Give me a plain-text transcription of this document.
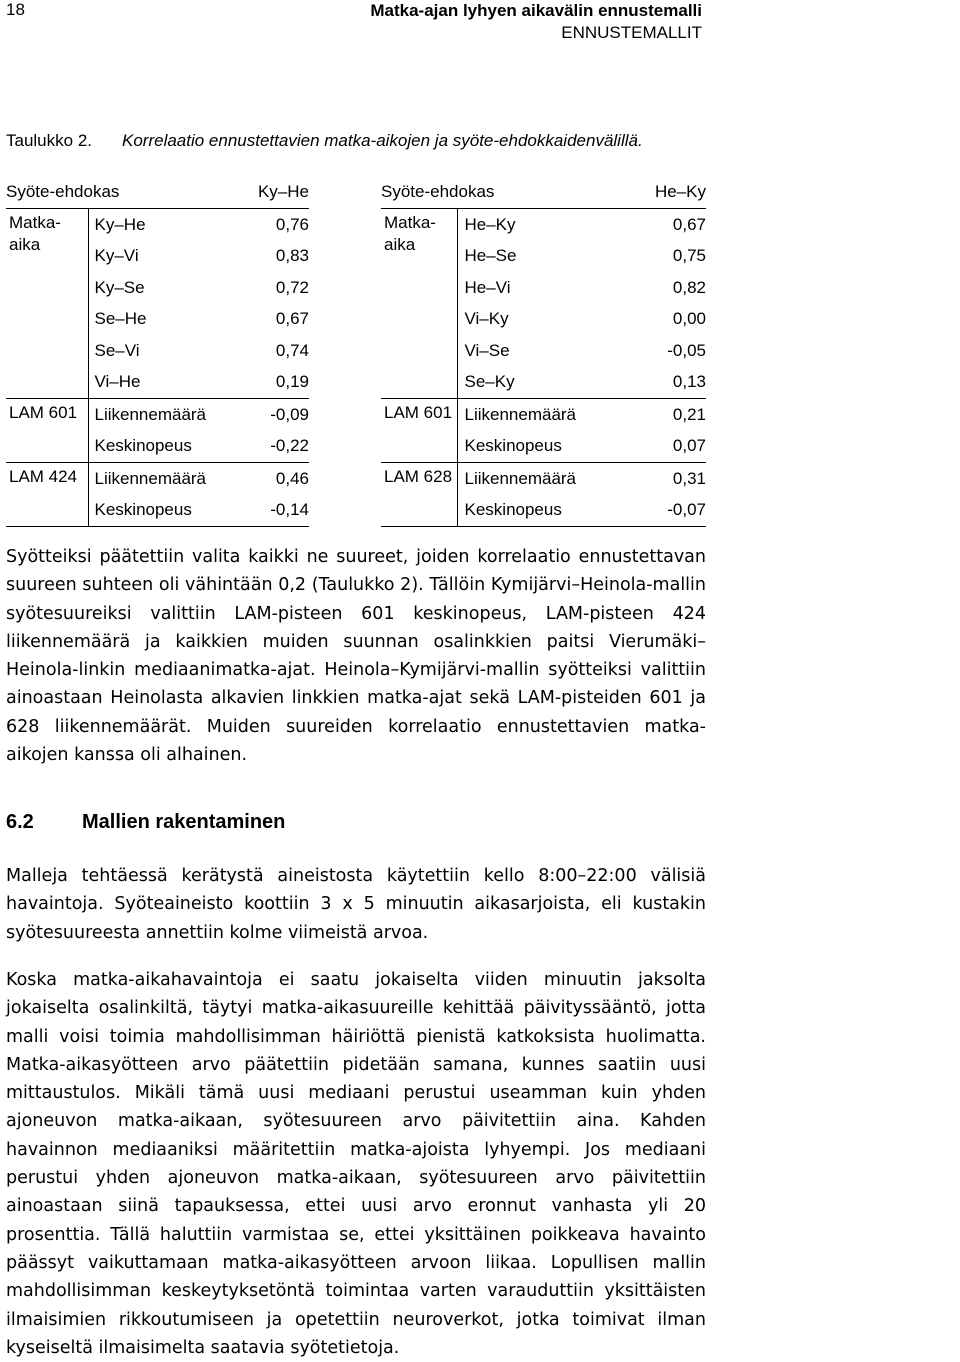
18	Matka-ajan lyhyen aikavälin ennustemalli
ENNUSTEMALLIT
Taulukko 2. Korrelaatio ennustettavien matka-aikojen ja syöte-ehdokkaidenvälillä.
Syöte-ehdokas		Ky–He
Matka-aika	Ky–He	0,76
	Ky–Vi	0,83
	Ky–Se	0,72
	Se–He	0,67
	Se–Vi	0,74
	Vi–He	0,19
LAM 601	Liikennemäärä	-0,09
	Keskinopeus	-0,22
LAM 424	Liikennemäärä	0,46
	Keskinopeus	-0,14
Syöte-ehdokas		He–Ky
Matka-aika	He–Ky	0,67
	He–Se	0,75
	He–Vi	0,82
	Vi–Ky	0,00
	Vi–Se	-0,05
	Se–Ky	0,13
LAM 601	Liikennemäärä	0,21
	Keskinopeus	0,07
LAM 628	Liikennemäärä	0,31
	Keskinopeus	-0,07

Syötteiksi päätettiin valita kaikki ne suureet, joiden korrelaatio ennustettavan suureen suhteen oli vähintään 0,2 (Taulukko 2). Tällöin Kymijärvi–Heinola-mallin syötesuureiksi valittiin LAM-pisteen 601 keskinopeus, LAM-pisteen 424 liikennemäärä ja kaikkien muiden suunnan osalinkkien paitsi Vierumäki–Heinola-linkin mediaanimatka-ajat. Heinola–Kymijärvi-mallin syötteiksi valittiin ainoastaan Heinolasta alkavien linkkien matka-ajat sekä LAM-pisteiden 601 ja 628 liikennemäärät. Muiden suureiden korrelaatio ennustettavien matka-aikojen kanssa oli alhainen.

6.2 Mallien rakentaminen

Malleja tehtäessä kerätystä aineistosta käytettiin kello 8:00–22:00 välisiä havaintoja. Syöteaineisto koottiin 3 x 5 minuutin aikasarjoista, eli kustakin syötesuureesta annettiin kolme viimeistä arvoa.

Koska matka-aikahavaintoja ei saatu jokaiselta viiden minuutin jaksolta jokaiselta osalinkiltä, täytyi matka-aikasuureille kehittää päivityssääntö, jotta malli voisi toimia mahdollisimman häiriöttä pienistä katkoksista huolimatta. Matka-aikasyötteen arvo päätettiin pidetään samana, kunnes saatiin uusi mittaustulos. Mikäli tämä uusi mediaani perustui useamman kuin yhden ajoneuvon matka-aikaan, syötesuureen arvo päivitettiin aina. Kahden havainnon mediaaniksi määritettiin matka-ajoista lyhyempi. Jos mediaani perustui yhden ajoneuvon matka-aikaan, syötesuureen arvo päivitettiin ainoastaan siinä tapauksessa, ettei uusi arvo eronnut vanhasta yli 20 prosenttia. Tällä haluttiin varmistaa se, ettei yksittäinen poikkeava havainto päässyt vaikuttamaan matka-aikasyötteen arvoon liikaa. Lopullisen mallin mahdollisimman keskeytyksetöntä toimintaa varten varauduttiin yksittäisten ilmaisimien rikkoutumiseen ja opetettiin neuroverkot, jotka toimivat ilman kyseiseltä ilmaisimelta saatavia syötetietoja.
